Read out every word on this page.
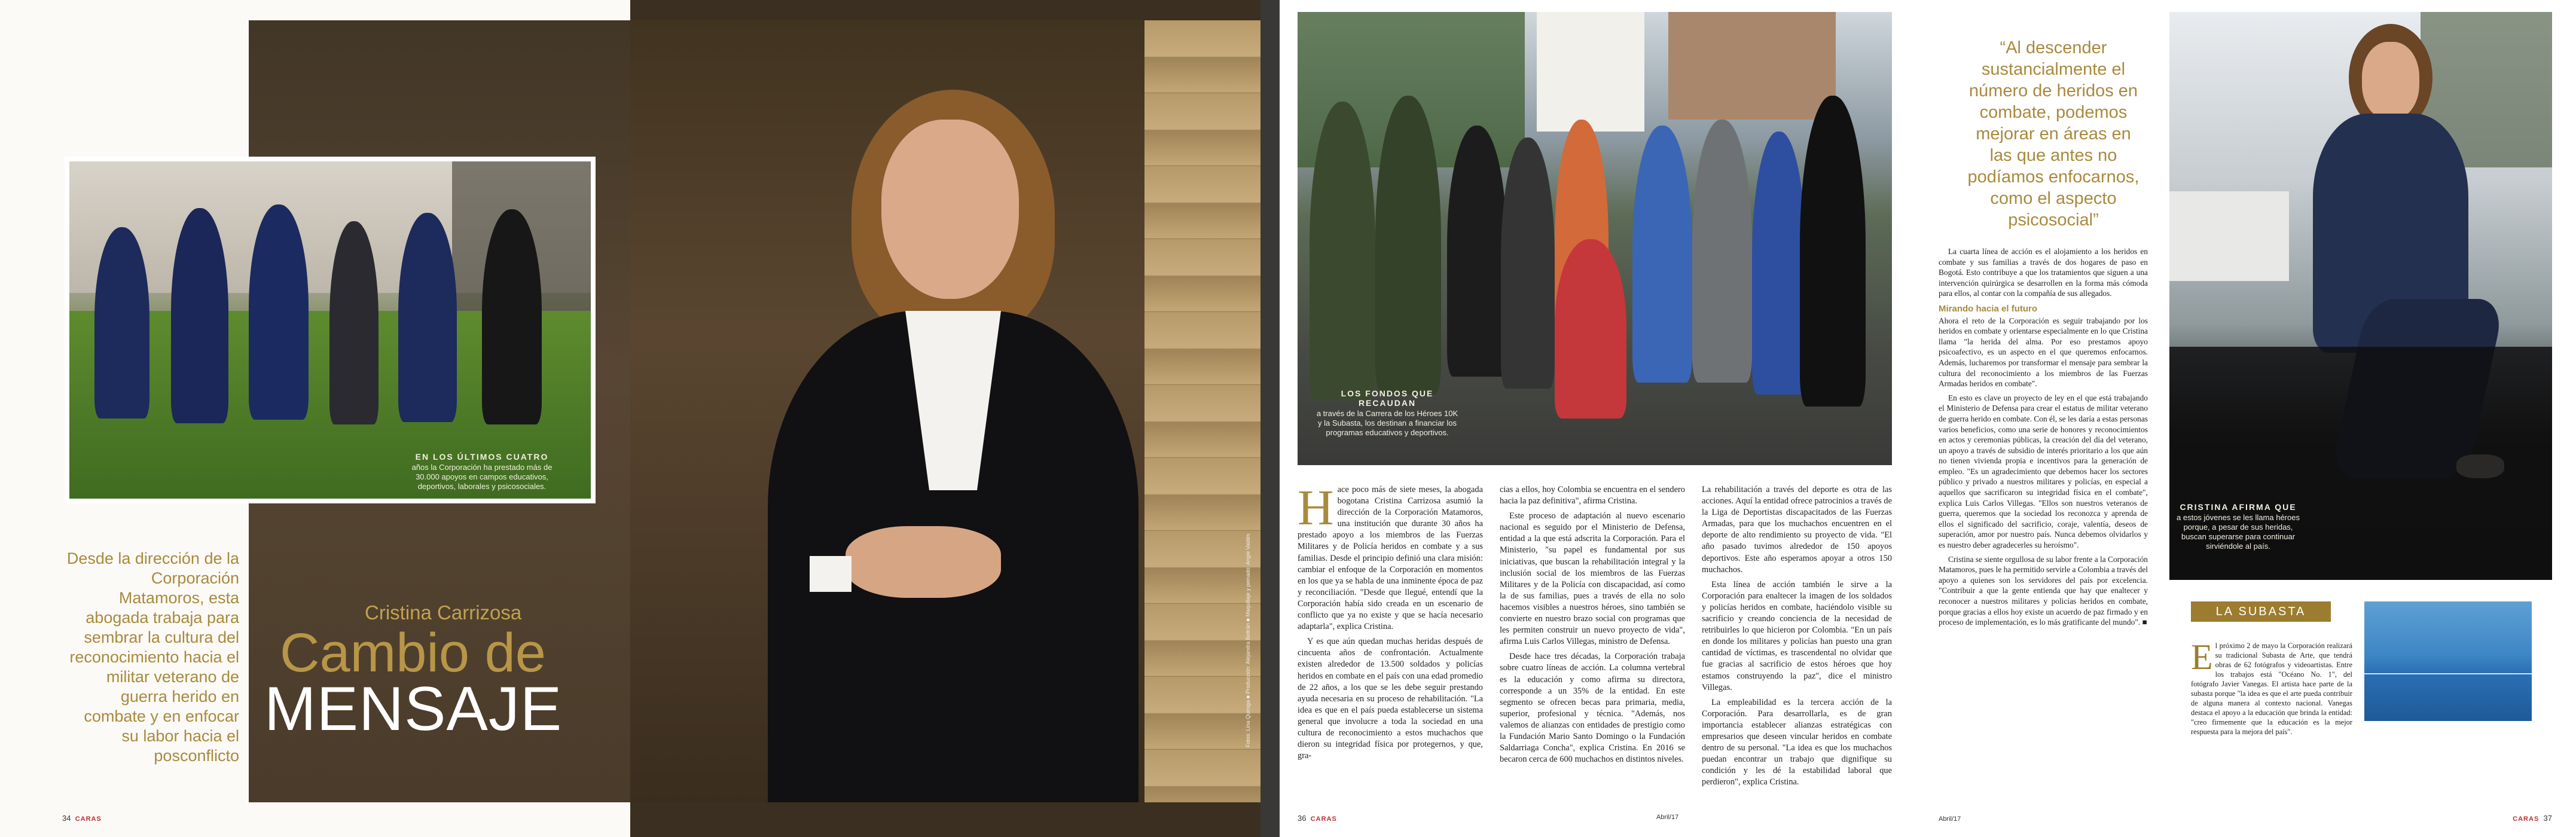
EN LOS ÚLTIMOS CUATRO
años la Corporación ha prestado más de 30.000 apoyos en campos educativos, deportivos, laborales y psicosociales.
Desde la dirección de la Corporación Matamoros, esta abogada trabaja para sembrar la cultura del reconocimiento hacia el militar veterano de guerra herido en combate y en enfocar su labor hacia el posconflicto
Cristina Carrizosa
Cambio de
MENSAJE
34 CARAS
LOS FONDOS QUE RECAUDAN
a través de la Carrera de los Héroes 10K y la Subasta, los destinan a financiar los programas educativos y deportivos.

Hace poco más de siete meses, la abogada bogotana Cristina Carrizosa asumió la dirección de la Corporación Matamoros, una institución que durante 30 años ha prestado apoyo a los miembros de las Fuerzas Militares y de Policía heridos en combate y a sus familias. Desde el principio definió una clara misión: cambiar el enfoque de la Corporación en momentos en los que ya se habla de una inminente época de paz y reconciliación. "Desde que llegué, entendí que la Corporación había sido creada en un escenario de conflicto que ya no existe y que se hacía necesario adaptarla", explica Cristina.

Y es que aún quedan muchas heridas después de cincuenta años de confrontación. Actualmente existen alrededor de 13.500 soldados y policías heridos en combate en el país con una edad promedio de 22 años, a los que se les debe seguir prestando ayuda necesaria en su proceso de rehabilitación. "La idea es que en el país pueda establecerse un sistema general que involucre a toda la sociedad en una cultura de reconocimiento a estos muchachos que dieron su integridad física por protegernos, y que, gra-

cias a ellos, hoy Colombia se encuentra en el sendero hacia la paz definitiva", afirma Cristina.

Este proceso de adaptación al nuevo escenario nacional es seguido por el Ministerio de Defensa, entidad a la que está adscrita la Corporación. Para el Ministerio, "su papel es fundamental por sus iniciativas, que buscan la rehabilitación integral y la inclusión social de los miembros de las Fuerzas Militares y de la Policía con discapacidad, así como la de sus familias, pues a través de ella no solo hacemos visibles a nuestros héroes, sino también se convierte en nuestro brazo social con programas que les permiten construir un nuevo proyecto de vida", afirma Luis Carlos Villegas, ministro de Defensa.

Desde hace tres décadas, la Corporación trabaja sobre cuatro líneas de acción. La columna vertebral es la educación y como afirma su directora, corresponde a un 35% de la entidad. En este segmento se ofrecen becas para primaria, media, superior, profesional y técnica. "Además, nos valemos de alianzas con entidades de prestigio como la Fundación Mario Santo Domingo o la Fundación Saldarriaga Concha", explica Cristina. En 2016 se becaron cerca de 600 muchachos en distintos niveles.

La rehabilitación a través del deporte es otra de las acciones. Aquí la entidad ofrece patrocinios a través de la Liga de Deportistas discapacitados de las Fuerzas Armadas, para que los muchachos encuentren en el deporte de alto rendimiento su proyecto de vida. "El año pasado tuvimos alrededor de 150 apoyos deportivos. Este año esperamos apoyar a otros 150 muchachos.

Esta línea de acción también le sirve a la Corporación para enaltecer la imagen de los soldados y policías heridos en combate, haciéndolo visible su sacrificio y creando conciencia de la necesidad de retribuirles lo que hicieron por Colombia. "En un país en donde los militares y policías han puesto una gran cantidad de víctimas, es trascendental no olvidar que fue gracias al sacrificio de estos héroes que hoy estamos construyendo la paz", dice el ministro Villegas.

La empleabilidad es la tercera acción de la Corporación. Para desarrollarla, es de gran importancia establecer alianzas estratégicas con empresarios que deseen vincular heridos en combate dentro de su personal. "La idea es que los muchachos puedan encontrar un trabajo que dignifique su condición y les dé la estabilidad laboral que perdieron", explica Cristina.

36 CARAS	Abril/17
“Al descender sustancialmente el número de heridos en combate, podemos mejorar en áreas en las que antes no podíamos enfocarnos, como el aspecto psicosocial”

La cuarta línea de acción es el alojamiento a los heridos en combate y sus familias a través de dos hogares de paso en Bogotá. Esto contribuye a que los tratamientos que siguen a una intervención quirúrgica se desarrollen en la forma más cómoda para ellos, al contar con la compañía de sus allegados.

Mirando hacia el futuro

Ahora el reto de la Corporación es seguir trabajando por los heridos en combate y orientarse especialmente en lo que Cristina llama "la herida del alma. Por eso prestamos apoyo psicoafectivo, es un aspecto en el que queremos enfocarnos. Además, lucharemos por transformar el mensaje para sembrar la cultura del reconocimiento a los miembros de las Fuerzas Armadas heridos en combate".

En esto es clave un proyecto de ley en el que está trabajando el Ministerio de Defensa para crear el estatus de militar veterano de guerra herido en combate. Con él, se les daría a estas personas varios beneficios, como una serie de honores y reconocimientos en actos y ceremonias públicas, la creación del día del veterano, un apoyo a través de subsidio de interés prioritario a los que aún no tienen vivienda propia e incentivos para la generación de empleo. "Es un agradecimiento que debemos hacer los sectores público y privado a nuestros militares y policías, en especial a aquellos que sacrificaron su integridad física en el combate", explica Luis Carlos Villegas. "Ellos son nuestros veteranos de guerra, queremos que la sociedad los reconozca y aprenda de ellos el significado del sacrificio, coraje, valentía, deseos de superación, amor por nuestro país. Nunca debemos olvidarlos y es nuestro deber agradecerles su heroísmo".

Cristina se siente orgullosa de su labor frente a la Corporación Matamoros, pues le ha permitido servirle a Colombia a través del apoyo a quienes son los servidores del país por excelencia. "Contribuir a que la gente entienda que hay que enaltecer y reconocer a nuestros militares y policías heridos en combate, porque gracias a ellos hoy existe un acuerdo de paz firmado y en proceso de implementación, es lo más gratificante del mundo". ■

CRISTINA AFIRMA QUE
a estos jóvenes se les llama héroes porque, a pesar de sus heridas, buscan superarse para continuar sirviéndole al país.
LA SUBASTA
El próximo 2 de mayo la Corporación realizará su tradicional Subasta de Arte, que tendrá obras de 62 fotógrafos y videoartistas. Entre los trabajos está "Océano No. 1", del fotógrafo Javier Vanegas. El artista hace parte de la subasta porque "la idea es que el arte pueda contribuir de alguna manera al contexto nacional. Vanegas destaca el apoyo a la educación que brinda la entidad: "creo firmemente que la educación es la mejor respuesta para la mejora del país".
Abril/17	CARAS 37
